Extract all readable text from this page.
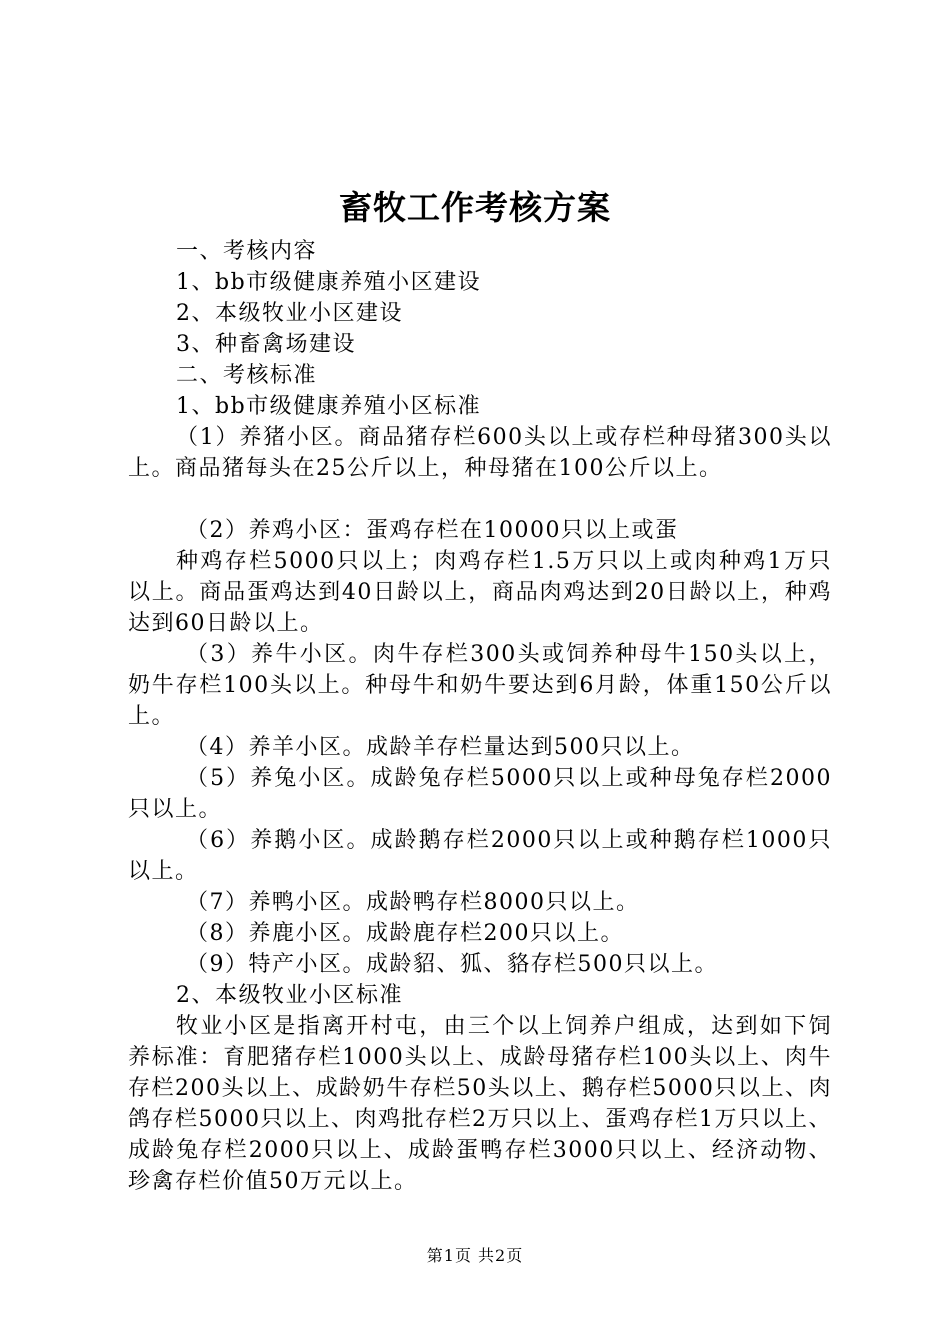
畜牧工作考核方案

一、考核内容

1、bb市级健康养殖小区建设

2、本级牧业小区建设

3、种畜禽场建设

二、考核标准

1、bb市级健康养殖小区标准

（1）养猪小区。商品猪存栏600头以上或存栏种母猪300头以上。商品猪每头在25公斤以上，种母猪在100公斤以上。

（2）养鸡小区：蛋鸡存栏在10000只以上或蛋

种鸡存栏5000只以上；肉鸡存栏1.5万只以上或肉种鸡1万只以上。商品蛋鸡达到40日龄以上，商品肉鸡达到20日龄以上，种鸡达到60日龄以上。

（3）养牛小区。肉牛存栏300头或饲养种母牛150头以上，奶牛存栏100头以上。种母牛和奶牛要达到6月龄，体重150公斤以上。

（4）养羊小区。成龄羊存栏量达到500只以上。

（5）养兔小区。成龄兔存栏5000只以上或种母兔存栏2000只以上。

（6）养鹅小区。成龄鹅存栏2000只以上或种鹅存栏1000只以上。

（7）养鸭小区。成龄鸭存栏8000只以上。

（8）养鹿小区。成龄鹿存栏200只以上。

（9）特产小区。成龄貂、狐、貉存栏500只以上。

2、本级牧业小区标准

牧业小区是指离开村屯，由三个以上饲养户组成，达到如下饲养标准：育肥猪存栏1000头以上、成龄母猪存栏100头以上、肉牛存栏200头以上、成龄奶牛存栏50头以上、鹅存栏5000只以上、肉鸽存栏5000只以上、肉鸡批存栏2万只以上、蛋鸡存栏1万只以上、成龄兔存栏2000只以上、成龄蛋鸭存栏3000只以上、经济动物、珍禽存栏价值50万元以上。

第1页 共2页
